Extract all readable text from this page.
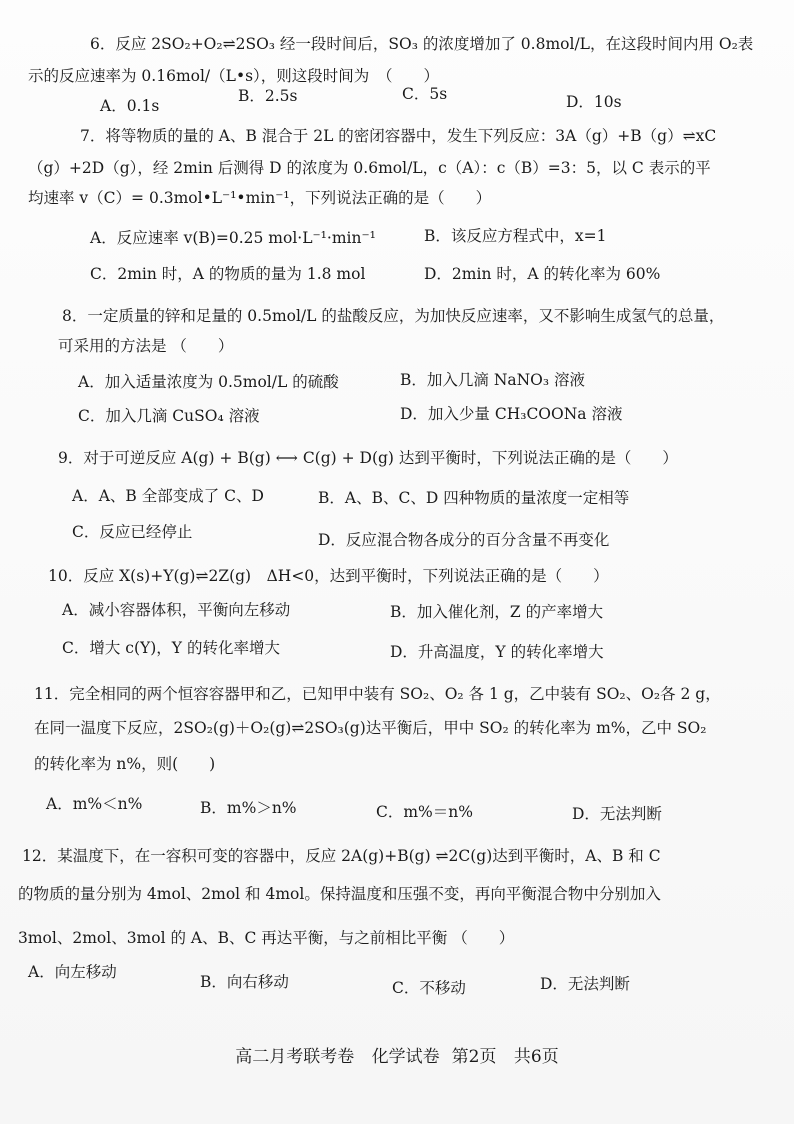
6．反应 2SO₂+O₂⇌2SO₃ 经一段时间后，SO₃ 的浓度增加了 0.8mol/L，在这段时间内用 O₂表
示的反应速率为 0.16mol/（L•s），则这段时间为　（　　）
A．0.1s
B．2.5s	C．5s	D．10s
7．将等物质的量的 A、B 混合于 2L 的密闭容器中，发生下列反应：3A（g）+B（g）⇌xC
（g）+2D（g），经 2min 后测得 D 的浓度为 0.6mol/L，c（A）：c（B）=3：5，以 C 表示的平
均速率 v（C）= 0.3mol•L⁻¹•min⁻¹，下列说法正确的是（　　）
A．反应速率 v(B)=0.25 mol·L⁻¹·min⁻¹	B．该反应方程式中，x=1
C．2min 时，A 的物质的量为 1.8 mol	D．2min 时，A 的转化率为 60%
8．一定质量的锌和足量的 0.5mol/L 的盐酸反应，为加快反应速率，又不影响生成氢气的总量，
可采用的方法是 （　　）
A．加入适量浓度为 0.5mol/L 的硫酸	B．加入几滴 NaNO₃ 溶液
C．加入几滴 CuSO₄ 溶液	D．加入少量 CH₃COONa 溶液
9．对于可逆反应 A(g) + B(g) ⟷ C(g) + D(g) 达到平衡时，下列说法正确的是（　　）
A．A、B 全部变成了 C、D	B．A、B、C、D 四种物质的量浓度一定相等
C．反应已经停止	D．反应混合物各成分的百分含量不再变化
10．反应 X(s)+Y(g)⇌2Z(g)　ΔH<0，达到平衡时，下列说法正确的是（　　）
A．减小容器体积，平衡向左移动	B．加入催化剂，Z 的产率增大
C．增大 c(Y)，Y 的转化率增大	D．升高温度，Y 的转化率增大
11．完全相同的两个恒容容器甲和乙，已知甲中装有 SO₂、O₂ 各 1 g，乙中装有 SO₂、O₂各 2 g，
在同一温度下反应，2SO₂(g)＋O₂(g)⇌2SO₃(g)达平衡后，甲中 SO₂ 的转化率为 m%，乙中 SO₂
的转化率为 n%，则(　　)
A．m%＜n%	B．m%＞n%	C．m%＝n%	D．无法判断
12．某温度下，在一容积可变的容器中，反应 2A(g)+B(g) ⇌2C(g)达到平衡时，A、B 和 C
的物质的量分别为 4mol、2mol 和 4mol。保持温度和压强不变，再向平衡混合物中分别加入
3mol、2mol、3mol 的 A、B、C 再达平衡，与之前相比平衡 （　　）
A．向左移动
B．向右移动	C．不移动	D．无法判断
高二月考联考卷 化学试卷 第2页 共6页
